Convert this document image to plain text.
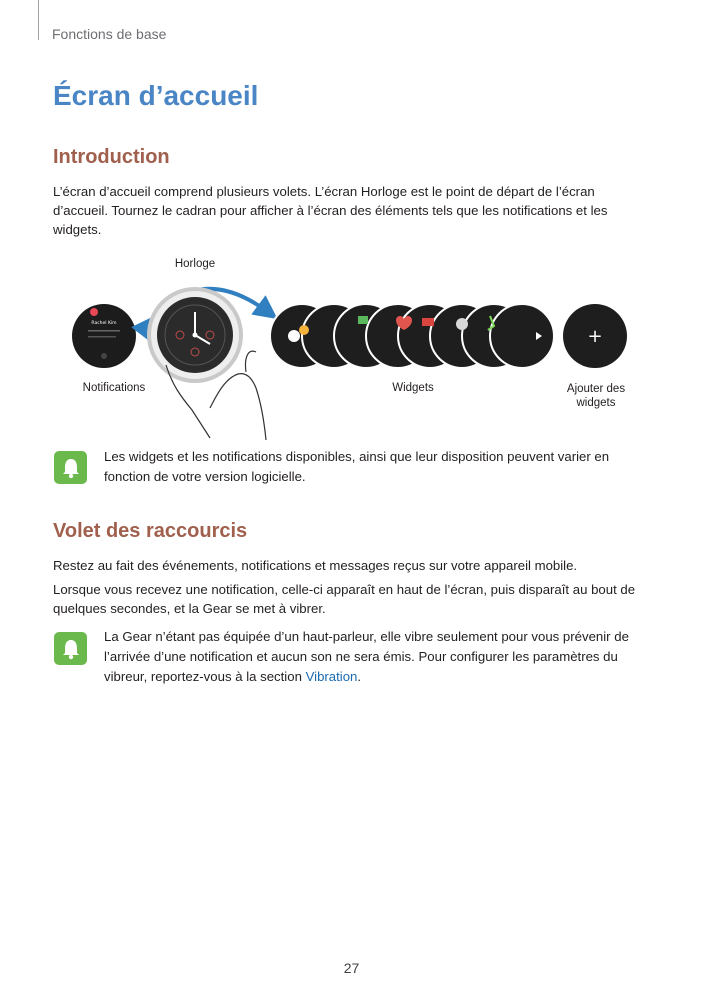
Fonctions de base
Écran d’accueil
Introduction
L’écran d’accueil comprend plusieurs volets. L’écran Horloge est le point de départ de l’écran d’accueil. Tournez le cadran pour afficher à l’écran des éléments tels que les notifications et les widgets.
Horloge
Rachel Kim
+
Notifications	Widgets	Ajouter des widgets
Les widgets et les notifications disponibles, ainsi que leur disposition peuvent varier en fonction de votre version logicielle.
Volet des raccourcis
Restez au fait des événements, notifications et messages reçus sur votre appareil mobile.
Lorsque vous recevez une notification, celle-ci apparaît en haut de l’écran, puis disparaît au bout de quelques secondes, et la Gear se met à vibrer.
La Gear n’étant pas équipée d’un haut-parleur, elle vibre seulement pour vous prévenir de l’arrivée d’une notification et aucun son ne sera émis. Pour configurer les paramètres du vibreur, reportez-vous à la section Vibration.
27
